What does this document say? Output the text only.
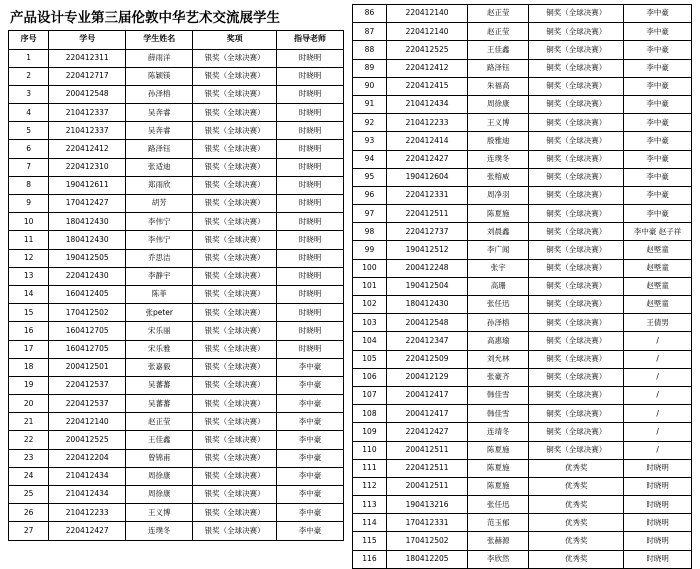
产品设计专业第三届伦敦中华艺术交流展学生
序号	学号	学生姓名	奖项	指导老师
1	220412311	薛雨洋	银奖（全球决赛）	时晓明
2	220412717	陈颖镁	银奖（全球决赛）	时晓明
3	200412548	孙泽榕	银奖（全球决赛）	时晓明
4	210412337	吴奔睿	银奖（全球决赛）	时晓明
5	210412337	吴奔睿	银奖（全球决赛）	时晓明
6	220412412	路泽钰	银奖（全球决赛）	时晓明
7	220412310	张适迪	银奖（全球决赛）	时晓明
8	190412611	郑雨欣	银奖（全球决赛）	时晓明
9	170412427	胡芳	银奖（全球决赛）	时晓明
10	180412430	李伟宁	银奖（全球决赛）	时晓明
11	180412430	李伟宁	银奖（全球决赛）	时晓明
12	190412505	乔思洁	银奖（全球决赛）	时晓明
13	220412430	李静宇	银奖（全球决赛）	时晓明
14	160412405	陈菲	银奖（全球决赛）	时晓明
15	170412502	张peter	银奖（全球决赛）	时晓明
16	160412705	宋乐丽	银奖（全球决赛）	时晓明
17	160412705	宋乐雅	银奖（全球决赛）	时晓明
18	200412501	张嘉毅	银奖（全球决赛）	李中豪
19	220412537	吴蕃蕃	银奖（全球决赛）	李中豪
20	220412537	吴蕃蕃	银奖（全球决赛）	李中豪
21	220412140	赵正莹	银奖（全球决赛）	李中豪
22	200412525	王佳鑫	银奖（全球决赛）	李中豪
23	220412204	曾锦甫	银奖（全球决赛）	李中豪
24	210412434	周徐康	银奖（全球决赛）	李中豪
25	210412434	周徐康	银奖（全球决赛）	李中豪
26	210412233	王义博	银奖（全球决赛）	李中豪
27	220412427	连璞冬	银奖（全球决赛）	李中豪
86	220412140	赵正莹	铜奖（全球决赛）	李中豪
87	220412140	赵正莹	铜奖（全球决赛）	李中豪
88	220412525	王佳鑫	铜奖（全球决赛）	李中豪
89	220412412	路泽钰	铜奖（全球决赛）	李中豪
90	220412415	朱福高	铜奖（全球决赛）	李中豪
91	210412434	周徐康	铜奖（全球决赛）	李中豪
92	210412233	王义博	铜奖（全球决赛）	李中豪
93	220412414	殷雅迪	铜奖（全球决赛）	李中豪
94	220412427	连璞冬	铜奖（全球决赛）	李中豪
95	190412604	张榕威	铜奖（全球决赛）	李中豪
96	220412331	周净羽	铜奖（全球决赛）	李中豪
97	220412511	陈夏施	铜奖（全球决赛）	李中豪
98	220412737	刘晨鑫	铜奖（全球决赛）	李中豪 赵子祥
99	190412512	李广闻	铜奖（全球决赛）	赵塈童
100	200412248	张宇	铜奖（全球决赛）	赵塈童
101	190412504	高珊	铜奖（全球决赛）	赵塈童
102	180412430	张任迅	铜奖（全球决赛）	赵塈童
103	200412548	孙泽榕	铜奖（全球决赛）	王倩男
104	220412347	高惠瑜	铜奖（全球决赛）	/
105	220412509	刘允林	铜奖（全球决赛）	/
106	200412129	张豪齐	铜奖（全球决赛）	/
107	200412417	韩佳雪	铜奖（全球决赛）	/
108	200412417	韩佳雪	铜奖（全球决赛）	/
109	220412427	连靖冬	铜奖（全球决赛）	/
110	200412511	陈夏施	铜奖（全球决赛）	/
111	220412511	陈夏施	优秀奖	时晓明
112	200412511	陈夏施	优秀奖	时晓明
113	190413216	张任迅	优秀奖	时晓明
114	170412331	范玉郁	优秀奖	时晓明
115	170412502	张赫源	优秀奖	时晓明
116	180412205	李欣然	优秀奖	时晓明
